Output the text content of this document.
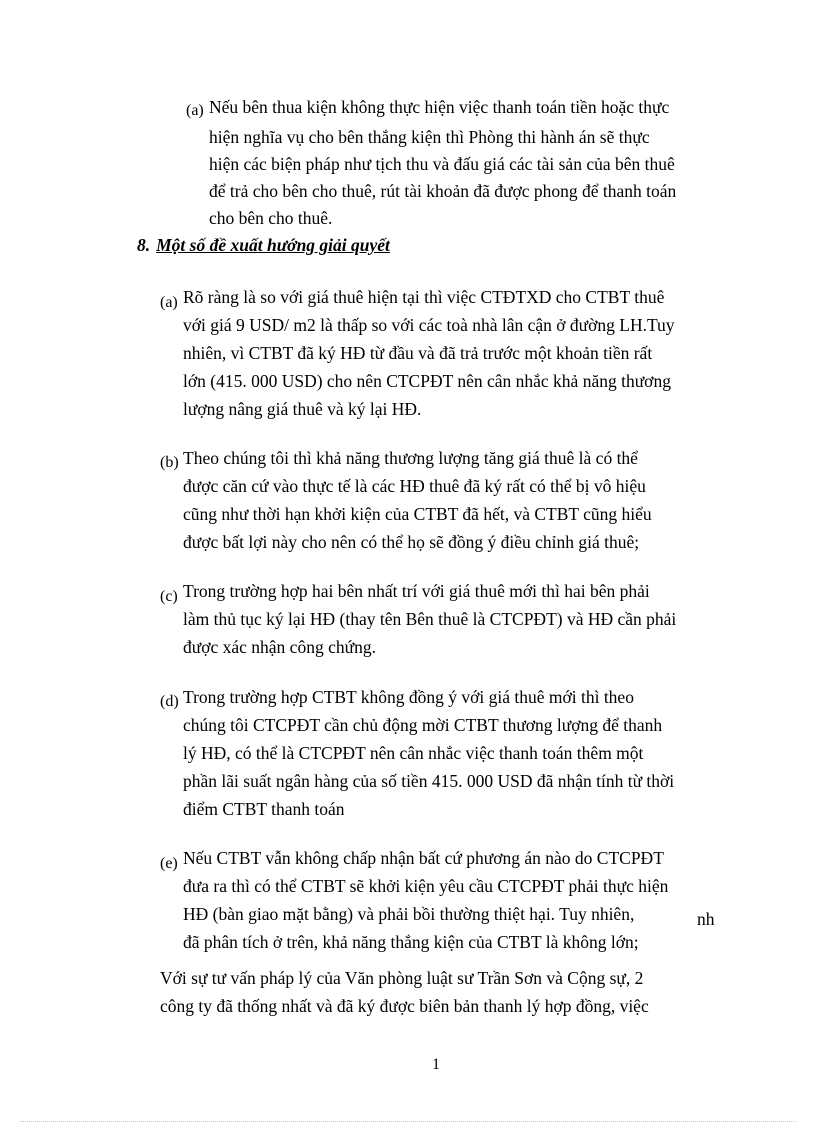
(a) Nếu bên thua kiện không thực hiện việc thanh toán tiền hoặc thực
hiện nghĩa vụ cho bên thắng kiện thì Phòng thi hành án sẽ thực
hiện các biện pháp như tịch thu và đấu giá các tài sản của bên thuê
để trả cho bên cho thuê, rút tài khoản đã được phong để thanh toán
cho bên cho thuê.
8. Một số đề xuất hướng giải quyết
(a) Rõ ràng là so với giá thuê hiện tại thì việc CTĐTXD cho CTBT thuê
với giá 9 USD/ m2 là thấp so với các toà nhà lân cận ở đường LH.Tuy
nhiên, vì CTBT đã ký HĐ từ đầu và đã trả trước một khoản tiền rất
lớn (415. 000 USD) cho nên CTCPĐT nên cân nhắc khả năng thương
lượng nâng giá thuê và ký lại HĐ.
(b) Theo chúng tôi thì khả năng thương lượng tăng giá thuê là có thể
được căn cứ vào thực tế là các HĐ thuê đã ký rất có thể bị vô hiệu
cũng như thời hạn khởi kiện của CTBT đã hết, và CTBT cũng hiểu
được bất lợi này cho nên có thể họ sẽ đồng ý điều chỉnh giá thuê;
(c) Trong trường hợp hai bên nhất trí với giá thuê mới thì hai bên phải
làm thủ tục ký lại HĐ (thay tên Bên thuê là CTCPĐT) và HĐ cần phải
được xác nhận công chứng.
(d) Trong trường hợp CTBT không đồng ý với giá thuê mới thì theo
chúng tôi CTCPĐT cần chủ động mời CTBT thương lượng để thanh
lý HĐ, có thể là CTCPĐT nên cân nhắc việc thanh toán thêm một
phần lãi suất ngân hàng của số tiền 415. 000 USD đã nhận tính từ thời
điểm CTBT thanh toán
(e) Nếu CTBT vẫn không chấp nhận bất cứ phương án nào do CTCPĐT
đưa ra thì có thể CTBT sẽ khởi kiện yêu cầu CTCPĐT phải thực hiện
HĐ (bàn giao mặt bằng) và phải bồi thường thiệt hại. Tuy nhiên,	nh
đã phân tích ở trên, khả năng thắng kiện của CTBT là không lớn;
Với sự tư vấn pháp lý của Văn phòng luật sư Trần Sơn và Cộng sự, 2
công ty đã thống nhất và đã ký được biên bản thanh lý hợp đồng, việc
1
